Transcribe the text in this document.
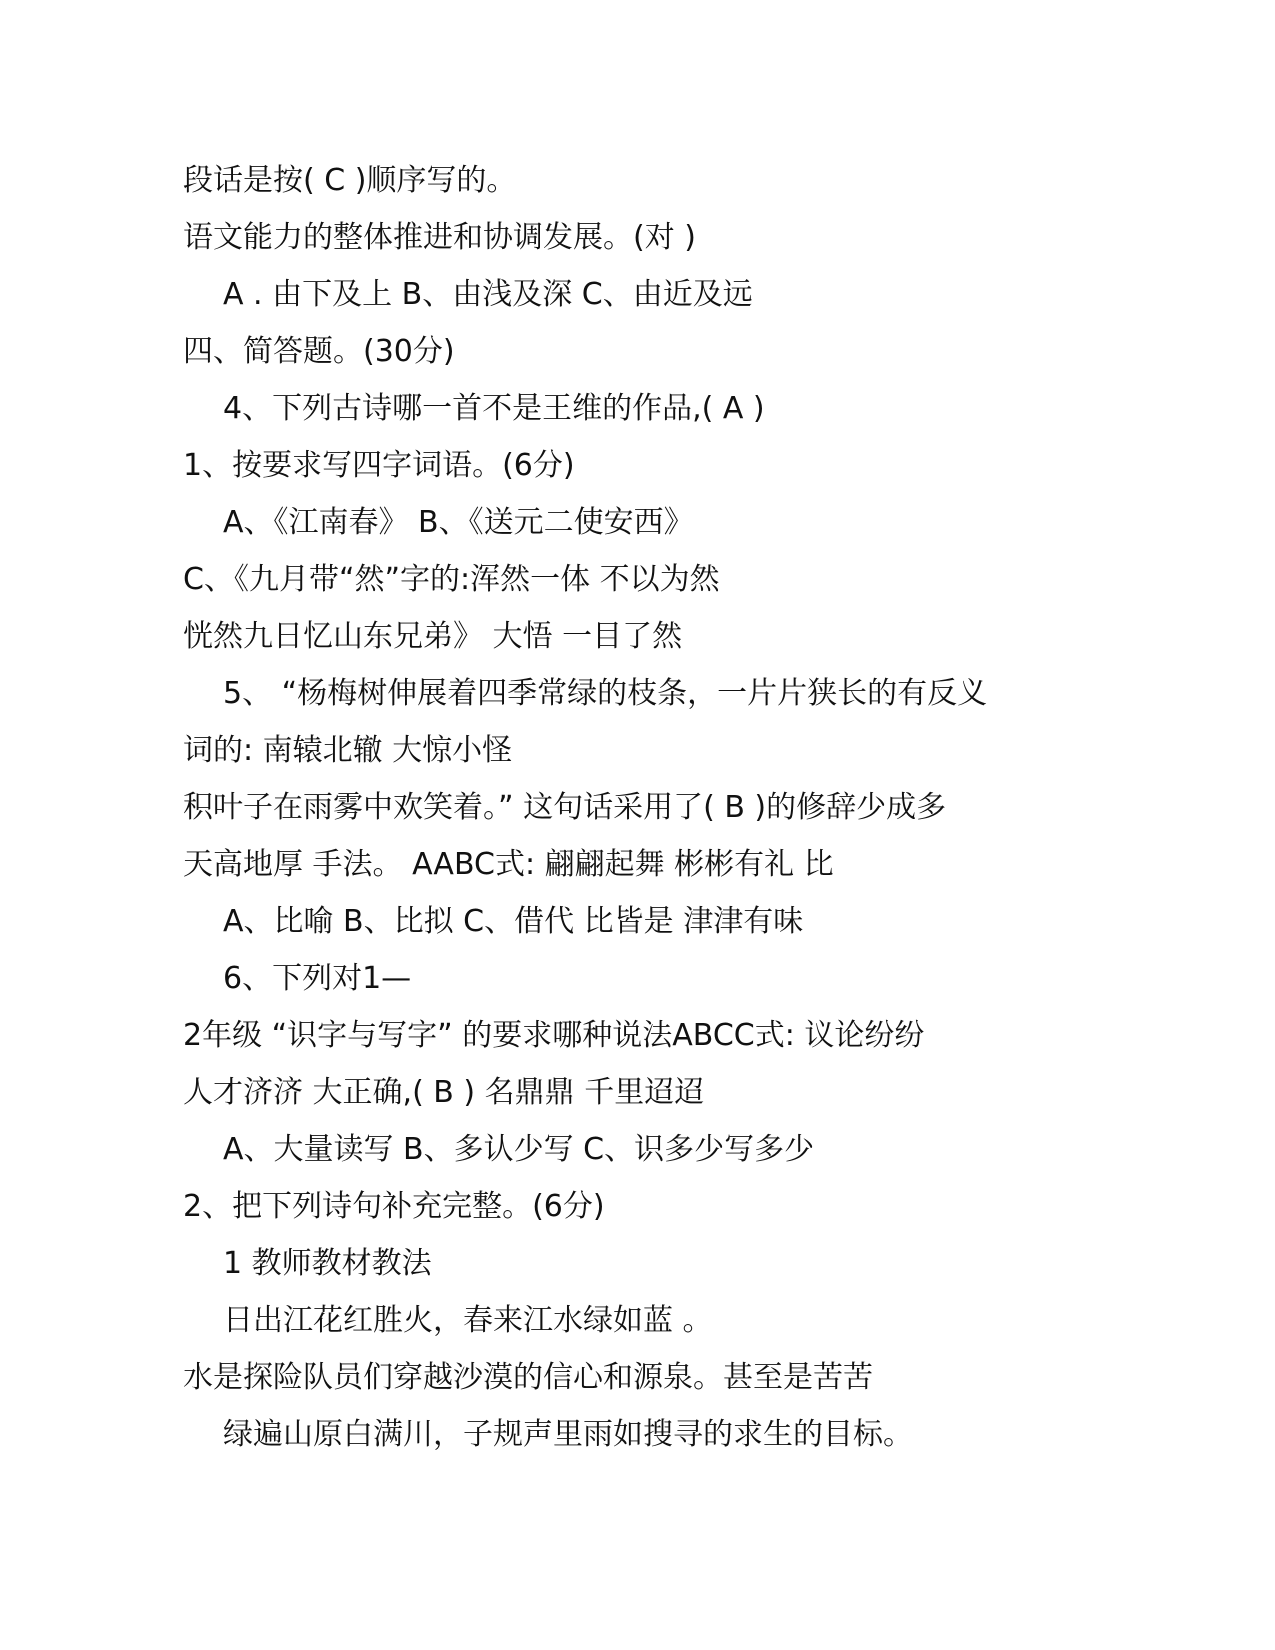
段话是按( C )顺序写的。
语文能力的整体推进和协调发展。(对 )
A . 由下及上 B、由浅及深 C、由近及远
四、简答题。(30分)
4、下列古诗哪一首不是王维的作品,( A )
1、按要求写四字词语。(6分)
A、《江南春》 B、《送元二使安西》
C、《九月带“然”字的:浑然一体 不以为然
恍然九日忆山东兄弟》 大悟 一目了然
5、 “杨梅树伸展着四季常绿的枝条，一片片狭长的有反义
词的: 南辕北辙 大惊小怪
积叶子在雨雾中欢笑着。” 这句话采用了( B )的修辞少成多
天高地厚 手法。 AABC式: 翩翩起舞 彬彬有礼 比
A、比喻 B、比拟 C、借代 比皆是 津津有味
6、下列对1—
2年级 “识字与写字” 的要求哪种说法ABCC式: 议论纷纷
人才济济 大正确,( B ) 名鼎鼎 千里迢迢
A、大量读写 B、多认少写 C、识多少写多少
2、把下列诗句补充完整。(6分)
1 教师教材教法
日出江花红胜火，春来江水绿如蓝 。
水是探险队员们穿越沙漠的信心和源泉。甚至是苦苦
绿遍山原白满川，子规声里雨如搜寻的求生的目标。
